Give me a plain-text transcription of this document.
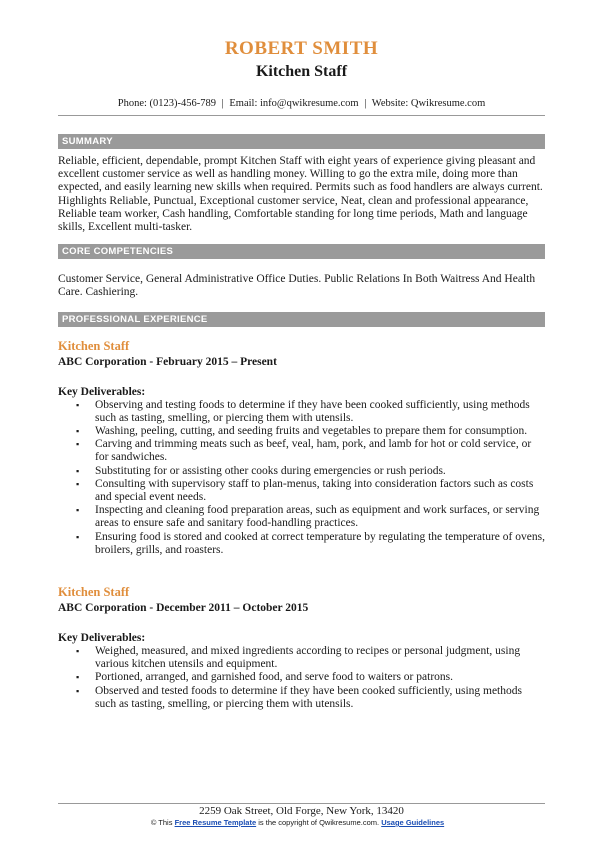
ROBERT SMITH
Kitchen Staff
Phone: (0123)-456-789 | Email: info@qwikresume.com | Website: Qwikresume.com
SUMMARY

Reliable, efficient, dependable, prompt Kitchen Staff with eight years of experience giving pleasant and excellent customer service as well as handling money. Willing to go the extra mile, doing more than expected, and easily learning new skills when required. Permits such as food handlers are always current. Highlights Reliable, Punctual, Exceptional customer service, Neat, clean and professional appearance, Reliable team worker, Cash handling, Comfortable standing for long time periods, Math and language skills, Excellent multi-tasker.

CORE COMPETENCIES

Customer Service, General Administrative Office Duties. Public Relations In Both Waitress And Health Care. Cashiering.

PROFESSIONAL EXPERIENCE

Kitchen Staff

ABC Corporation - February 2015 – Present

Key Deliverables:

▪ Observing and testing foods to determine if they have been cooked sufficiently, using methods such as tasting, smelling, or piercing them with utensils.
▪ Washing, peeling, cutting, and seeding fruits and vegetables to prepare them for consumption.
▪ Carving and trimming meats such as beef, veal, ham, pork, and lamb for hot or cold service, or for sandwiches.
▪ Substituting for or assisting other cooks during emergencies or rush periods.
▪ Consulting with supervisory staff to plan-menus, taking into consideration factors such as costs and special event needs.
▪ Inspecting and cleaning food preparation areas, such as equipment and work surfaces, or serving areas to ensure safe and sanitary food-handling practices.
▪ Ensuring food is stored and cooked at correct temperature by regulating the temperature of ovens, broilers, grills, and roasters.

Kitchen Staff

ABC Corporation - December 2011 – October 2015

Key Deliverables:

▪ Weighed, measured, and mixed ingredients according to recipes or personal judgment, using various kitchen utensils and equipment.
▪ Portioned, arranged, and garnished food, and serve food to waiters or patrons.
▪ Observed and tested foods to determine if they have been cooked sufficiently, using methods such as tasting, smelling, or piercing them with utensils.
2259 Oak Street, Old Forge, New York, 13420
© This Free Resume Template is the copyright of Qwikresume.com. Usage Guidelines
